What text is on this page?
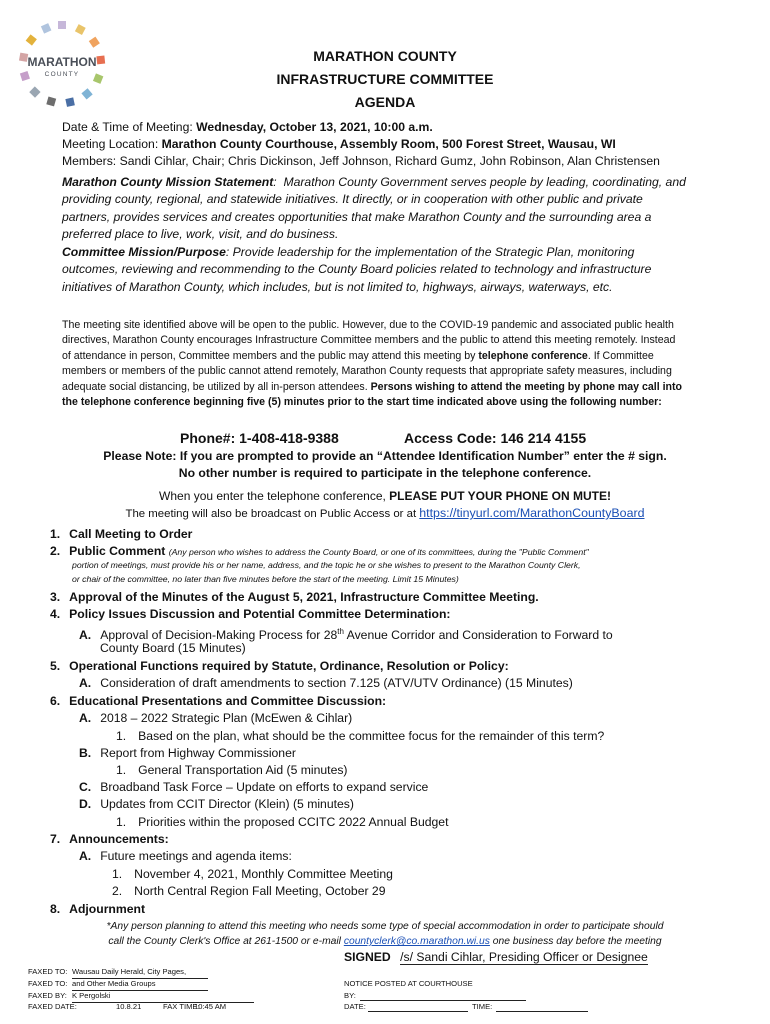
MARATHON
COUNTY
MARATHON COUNTY
INFRASTRUCTURE COMMITTEE
AGENDA
Date & Time of Meeting: Wednesday, October 13, 2021, 10:00 a.m.
Meeting Location: Marathon County Courthouse, Assembly Room, 500 Forest Street, Wausau, WI
Members: Sandi Cihlar, Chair; Chris Dickinson, Jeff Johnson, Richard Gumz, John Robinson, Alan Christensen
Marathon County Mission Statement:  Marathon County Government serves people by leading, coordinating, and providing county, regional, and statewide initiatives. It directly, or in cooperation with other public and private partners, provides services and creates opportunities that make Marathon County and the surrounding area a preferred place to live, work, visit, and do business.
Committee Mission/Purpose: Provide leadership for the implementation of the Strategic Plan, monitoring outcomes, reviewing and recommending to the County Board policies related to technology and infrastructure initiatives of Marathon County, which includes, but is not limited to, highways, airways, waterways, etc.
The meeting site identified above will be open to the public. However, due to the COVID-19 pandemic and associated public health directives, Marathon County encourages Infrastructure Committee members and the public to attend this meeting remotely. Instead of attendance in person, Committee members and the public may attend this meeting by telephone conference. If Committee members or members of the public cannot attend remotely, Marathon County requests that appropriate safety measures, including adequate social distancing, be utilized by all in-person attendees. Persons wishing to attend the meeting by phone may call into the telephone conference beginning five (5) minutes prior to the start time indicated above using the following number:
Phone#: 1-408-418-9388	Access Code: 146 214 4155
Please Note: If you are prompted to provide an “Attendee Identification Number” enter the # sign.
No other number is required to participate in the telephone conference.
When you enter the telephone conference, PLEASE PUT YOUR PHONE ON MUTE!
The meeting will also be broadcast on Public Access or at https://tinyurl.com/MarathonCountyBoard
1. Call Meeting to Order
2. Public Comment (Any person who wishes to address the County Board, or one of its committees, during the "Public Comment"
portion of meetings, must provide his or her name, address, and the topic he or she wishes to present to the Marathon County Clerk,
or chair of the committee, no later than five minutes before the start of the meeting. Limit 15 Minutes)
3. Approval of the Minutes of the August 5, 2021, Infrastructure Committee Meeting.
4. Policy Issues Discussion and Potential Committee Determination:
A. Approval of Decision-Making Process for 28th Avenue Corridor and Consideration to Forward to
County Board (15 Minutes)
5. Operational Functions required by Statute, Ordinance, Resolution or Policy:
A. Consideration of draft amendments to section 7.125 (ATV/UTV Ordinance) (15 Minutes)
6. Educational Presentations and Committee Discussion:
A. 2018 – 2022 Strategic Plan (McEwen & Cihlar)
1. Based on the plan, what should be the committee focus for the remainder of this term?
B. Report from Highway Commissioner
1. General Transportation Aid (5 minutes)
C. Broadband Task Force – Update on efforts to expand service
D. Updates from CCIT Director (Klein) (5 minutes)
1. Priorities within the proposed CCITC 2022 Annual Budget
7. Announcements:
A. Future meetings and agenda items:
1. November 4, 2021, Monthly Committee Meeting
2. North Central Region Fall Meeting, October 29
8. Adjournment
*Any person planning to attend this meeting who needs some type of special accommodation in order to participate should
call the County Clerk's Office at 261-1500 or e-mail countyclerk@co.marathon.wi.us one business day before the meeting
SIGNED /s/ Sandi Cihlar, Presiding Officer or Designee
FAXED TO: Wausau Daily Herald, City Pages,
FAXED TO: and Other Media Groups
FAXED BY: K Pergolski
FAXED DATE:	10.8.21	FAX TIME:
10:45 AM
NOTICE POSTED AT COURTHOUSE
BY:
DATE:	TIME:
